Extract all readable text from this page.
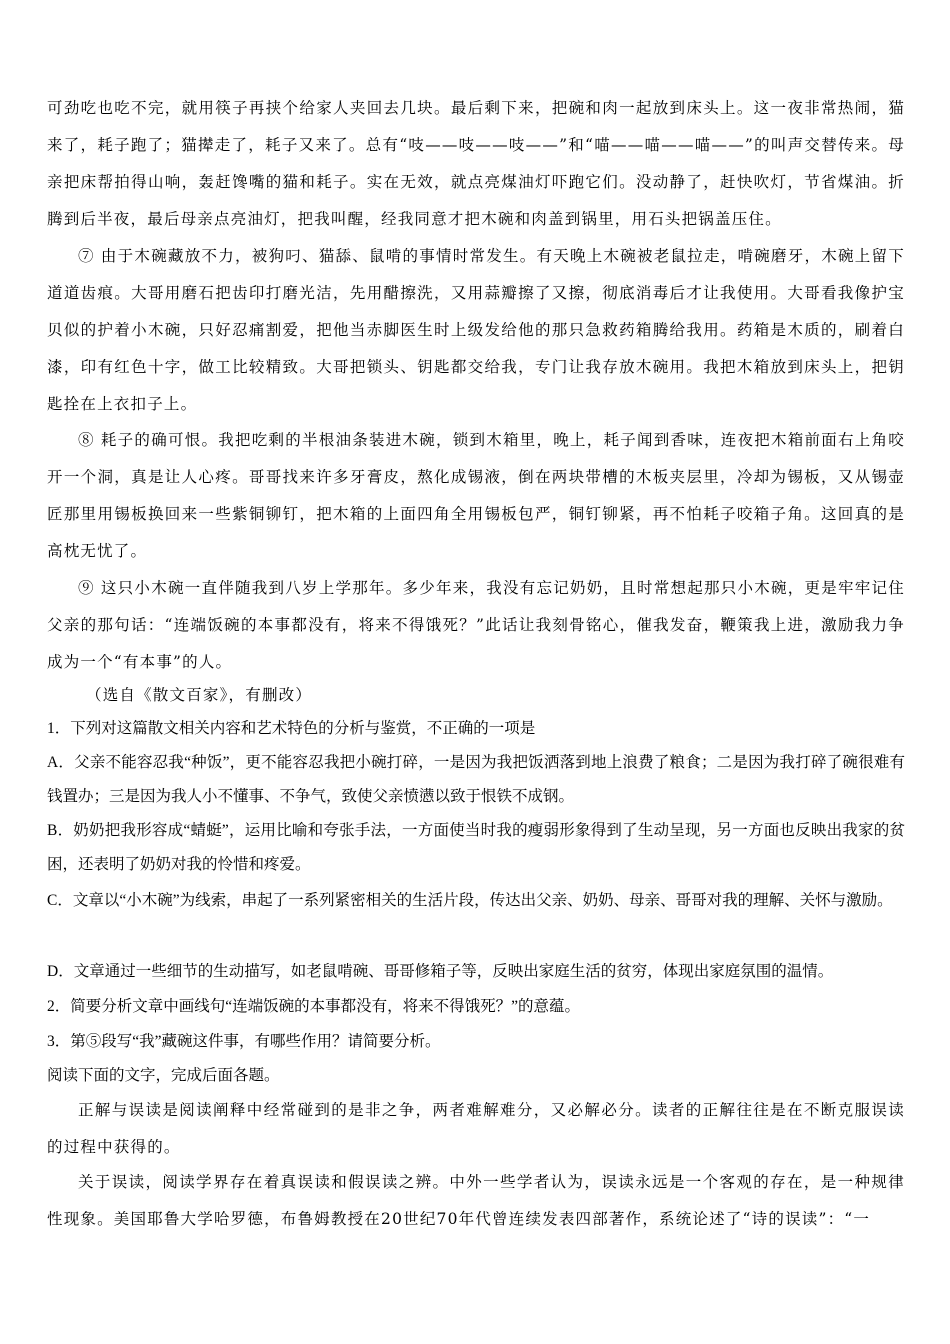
可劲吃也吃不完，就用筷子再挟个给家人夹回去几块。最后剩下来，把碗和肉一起放到床头上。这一夜非常热闹，猫来了，耗子跑了；猫撵走了，耗子又来了。总有“吱——吱——吱——”和“喵——喵——喵——”的叫声交替传来。母亲把床帮拍得山响，轰赶馋嘴的猫和耗子。实在无效，就点亮煤油灯吓跑它们。没动静了，赶快吹灯，节省煤油。折腾到后半夜，最后母亲点亮油灯，把我叫醒，经我同意才把木碗和肉盖到锅里，用石头把锅盖压住。

⑦ 由于木碗藏放不力，被狗叼、猫舔、鼠啃的事情时常发生。有天晚上木碗被老鼠拉走，啃碗磨牙，木碗上留下道道齿痕。大哥用磨石把齿印打磨光洁，先用醋擦洗，又用蒜瓣擦了又擦，彻底消毒后才让我使用。大哥看我像护宝贝似的护着小木碗，只好忍痛割爱，把他当赤脚医生时上级发给他的那只急救药箱腾给我用。药箱是木质的，刷着白漆，印有红色十字，做工比较精致。大哥把锁头、钥匙都交给我，专门让我存放木碗用。我把木箱放到床头上，把钥匙拴在上衣扣子上。

⑧ 耗子的确可恨。我把吃剩的半根油条装进木碗，锁到木箱里，晚上，耗子闻到香味，连夜把木箱前面右上角咬开一个洞，真是让人心疼。哥哥找来许多牙膏皮，熬化成锡液，倒在两块带槽的木板夹层里，冷却为锡板，又从锡壶匠那里用锡板换回来一些紫铜铆钉，把木箱的上面四角全用锡板包严，铜钉铆紧，再不怕耗子咬箱子角。这回真的是高枕无忧了。

⑨ 这只小木碗一直伴随我到八岁上学那年。多少年来，我没有忘记奶奶，且时常想起那只小木碗，更是牢牢记住父亲的那句话：“连端饭碗的本事都没有，将来不得饿死？”此话让我刻骨铭心，催我发奋，鞭策我上进，激励我力争成为一个“有本事”的人。

（选自《散文百家》，有删改）

1．下列对这篇散文相关内容和艺术特色的分析与鉴赏，不正确的一项是

A．父亲不能容忍我“种饭”，更不能容忍我把小碗打碎，一是因为我把饭洒落到地上浪费了粮食；二是因为我打碎了碗很难有钱置办；三是因为我人小不懂事、不争气，致使父亲愤懑以致于恨铁不成钢。

B．奶奶把我形容成“蜻蜓”，运用比喻和夸张手法，一方面使当时我的瘦弱形象得到了生动呈现，另一方面也反映出我家的贫困，还表明了奶奶对我的怜惜和疼爱。

C．文章以“小木碗”为线索，串起了一系列紧密相关的生活片段，传达出父亲、奶奶、母亲、哥哥对我的理解、关怀与激励。

D．文章通过一些细节的生动描写，如老鼠啃碗、哥哥修箱子等，反映出家庭生活的贫穷，体现出家庭氛围的温情。

2．简要分析文章中画线句“连端饭碗的本事都没有，将来不得饿死？”的意蕴。

3．第⑤段写“我”藏碗这件事，有哪些作用？请简要分析。

阅读下面的文字，完成后面各题。

正解与误读是阅读阐释中经常碰到的是非之争，两者难解难分，又必解必分。读者的正解往往是在不断克服误读的过程中获得的。

关于误读，阅读学界存在着真误读和假误读之辨。中外一些学者认为，误读永远是一个客观的存在，是一种规律性现象。美国耶鲁大学哈罗德，布鲁姆教授在20世纪70年代曾连续发表四部著作，系统论述了“诗的误读”：“一
